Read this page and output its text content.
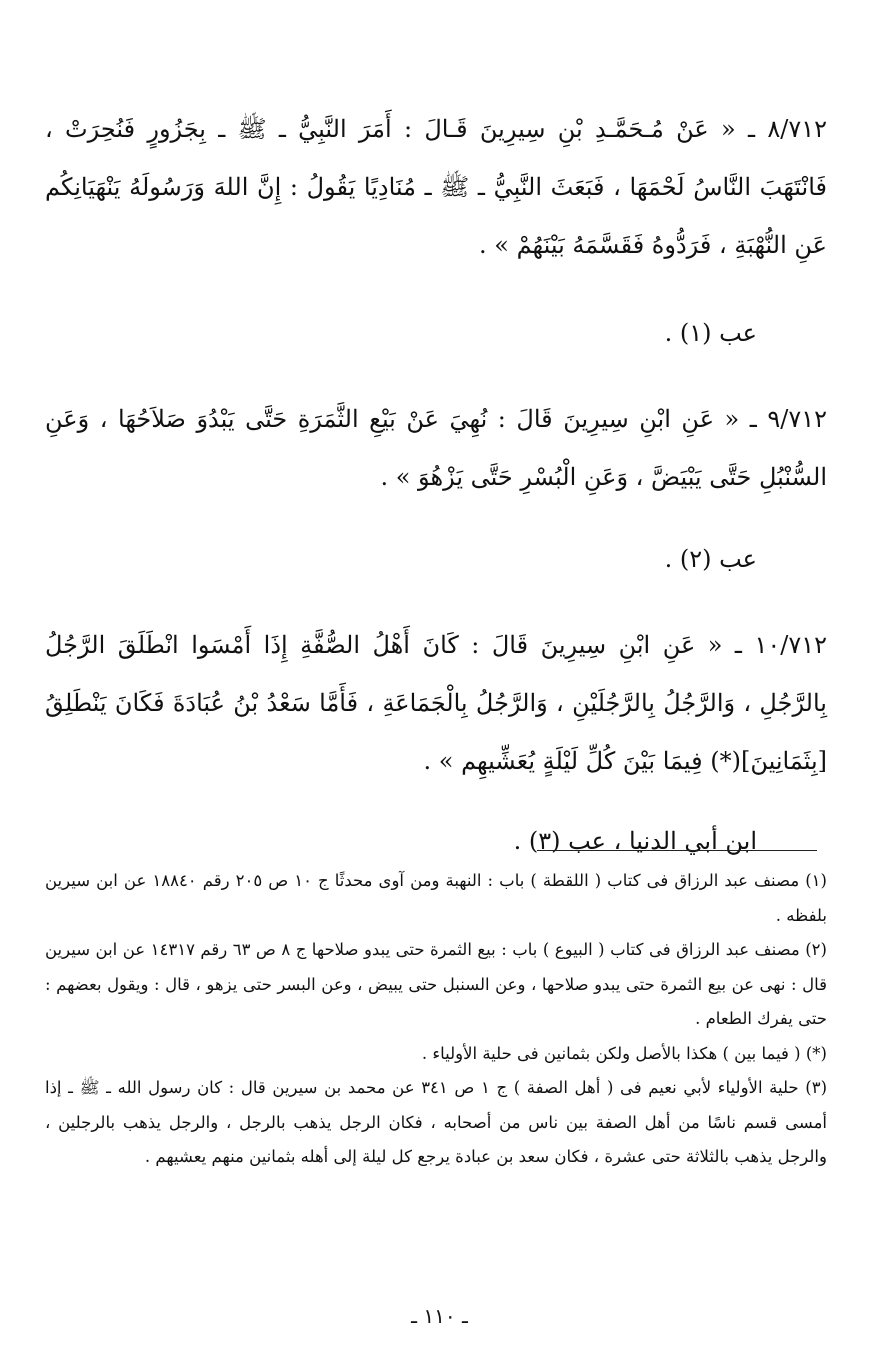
٨/٧١٢ ـ « عَنْ مُـحَمَّـدِ بْنِ سِيرِينَ قَـالَ : أَمَرَ النَّبِيُّ ـ ﷺ ـ بِجَزُورٍ فَنُحِرَتْ ، فَانْتَهَبَ النَّاسُ لَحْمَهَا ، فَبَعَثَ النَّبِيُّ ـ ﷺ ـ مُنَادِيًا يَقُولُ : إِنَّ اللهَ وَرَسُولَهُ يَنْهَيَانِكُم عَنِ النُّهْبَةِ ، فَرَدُّوهُ فَقَسَّمَهُ بَيْنَهُمْ » .

عب (١) .

٩/٧١٢ ـ « عَنِ ابْنِ سِيرِينَ قَالَ : نُهِيَ عَنْ بَيْعِ الثَّمَرَةِ حَتَّى يَبْدُوَ صَلاَحُهَا ، وَعَنِ السُّنْبُلِ حَتَّى يَبْيَضَّ ، وَعَنِ الْبُسْرِ حَتَّى يَزْهُوَ » .

عب (٢) .

١٠/٧١٢ ـ « عَنِ ابْنِ سِيرِينَ قَالَ : كَانَ أَهْلُ الصُّفَّةِ إِذَا أَمْسَوا انْطَلَقَ الرَّجُلُ بِالرَّجُلِ ، وَالرَّجُلُ بِالرَّجُلَيْنِ ، وَالرَّجُلُ بِالْجَمَاعَةِ ، فَأَمَّا سَعْدُ بْنُ عُبَادَةَ فَكَانَ يَنْطَلِقُ [بِثَمَانِينَ](*) فِيمَا بَيْنَ كُلِّ لَيْلَةٍ يُعَشِّيهِم » .

ابن أبي الدنيا ، عب (٣) .

(١) مصنف عبد الرزاق فى كتاب ( اللقطة ) باب : النهبة ومن آوى محدثًا ج ١٠ ص ٢٠٥ رقم ١٨٨٤٠ عن ابن سيرين بلفظه .

(٢) مصنف عبد الرزاق فى كتاب ( البيوع ) باب : بيع الثمرة حتى يبدو صلاحها ج ٨ ص ٦٣ رقم ١٤٣١٧ عن ابن سيرين قال : نهى عن بيع الثمرة حتى يبدو صلاحها ، وعن السنبل حتى يبيض ، وعن البسر حتى يزهو ، قال : ويقول بعضهم : حتى يفرك الطعام .

(*) ( فيما بين ) هكذا بالأصل ولكن بثمانين فى حلية الأولياء .

(٣) حلية الأولياء لأبي نعيم فى ( أهل الصفة ) ج ١ ص ٣٤١ عن محمد بن سيرين قال : كان رسول الله ـ ﷺ ـ إذا أمسى قسم ناسًا من أهل الصفة بين ناس من أصحابه ، فكان الرجل يذهب بالرجل ، والرجل يذهب بالرجلين ، والرجل يذهب بالثلاثة حتى عشرة ، فكان سعد بن عبادة يرجع كل ليلة إلى أهله بثمانين منهم يعشيهم .

ـ ١١٠ ـ
